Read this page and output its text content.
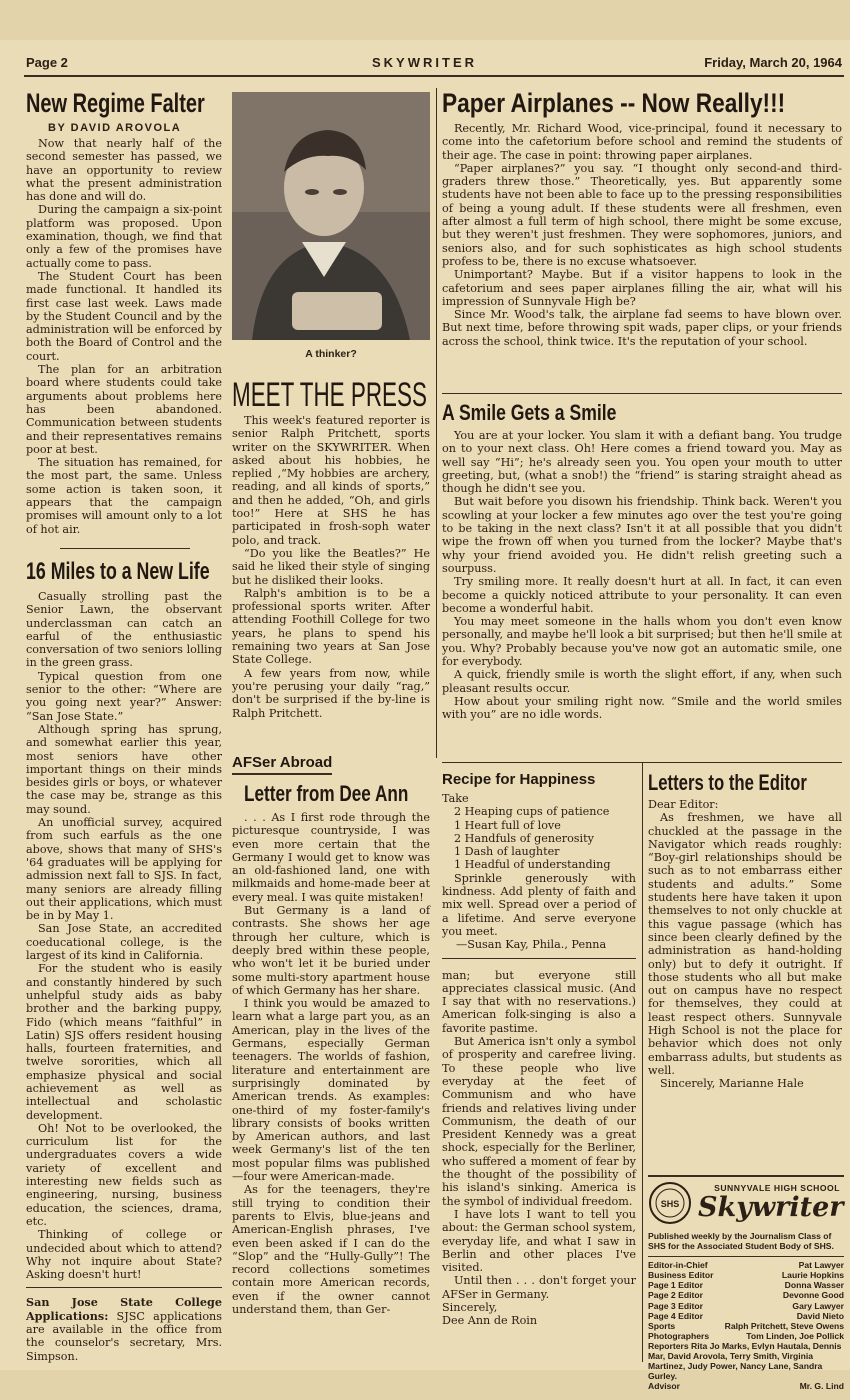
Page 2	SKYWRITER	Friday, March 20, 1964
New Regime Falter
BY DAVID AROVOLA

Now that nearly half of the second semester has passed, we have an opportunity to review what the present administration has done and will do.

During the campaign a six-point platform was proposed. Upon examination, though, we find that only a few of the promises have actually come to pass.

The Student Court has been made functional. It handled its first case last week. Laws made by the Student Council and by the administration will be enforced by both the Board of Control and the court.

The plan for an arbitration board where students could take arguments about problems here has been abandoned. Communication between students and their representatives remains poor at best.

The situation has remained, for the most part, the same. Unless some action is taken soon, it appears that the campaign promises will amount only to a lot of hot air.

16 Miles to a New Life

Casually strolling past the Senior Lawn, the observant underclassman can catch an earful of the enthusiastic conversation of two seniors lolling in the green grass.

Typical question from one senior to the other: “Where are you going next year?” Answer: “San Jose State.”

Although spring has sprung, and somewhat earlier this year, most seniors have other important things on their minds besides girls or boys, or whatever the case may be, strange as this may sound.

An unofficial survey, acquired from such earfuls as the one above, shows that many of SHS's '64 graduates will be applying for admission next fall to SJS. In fact, many seniors are already filling out their applications, which must be in by May 1.

San Jose State, an accredited coeducational college, is the largest of its kind in California.

For the student who is easily and constantly hindered by such unhelpful study aids as baby brother and the barking puppy, Fido (which means “faithful” in Latin) SJS offers resident housing halls, fourteen fraternities, and twelve sororities, which all emphasize physical and social achievement as well as intellectual and scholastic development.

Oh! Not to be overlooked, the curriculum list for the undergraduates covers a wide variety of excellent and interesting new fields such as engineering, nursing, business education, the sciences, drama, etc.

Thinking of college or undecided about which to attend? Why not inquire about State? Asking doesn't hurt!

San Jose State College Applications: SJSC applications are available in the office from the counselor's secretary, Mrs. Simpson.

A thinker?
MEET THE PRESS

This week's featured reporter is senior Ralph Pritchett, sports writer on the SKYWRITER. When asked about his hobbies, he replied ,“My hobbies are archery, reading, and all kinds of sports,” and then he added, “Oh, and girls too!” Here at SHS he has participated in frosh-soph water polo, and track.

“Do you like the Beatles?” He said he liked their style of singing but he disliked their looks.

Ralph's ambition is to be a professional sports writer. After attending Foothill College for two years, he plans to spend his remaining two years at San Jose State College.

A few years from now, while you're perusing your daily “rag,” don't be surprised if the by-line is Ralph Pritchett.

AFSer Abroad
Letter from Dee Ann

. . . As I first rode through the picturesque countryside, I was even more certain that the Germany I would get to know was an old-fashioned land, one with milkmaids and home-made beer at every meal. I was quite mistaken!

But Germany is a land of contrasts. She shows her age through her culture, which is deeply bred within these people, who won't let it be buried under some multi-story apartment house of which Germany has her share.

I think you would be amazed to learn what a large part you, as an American, play in the lives of the Germans, especially German teenagers. The worlds of fashion, literature and entertainment are surprisingly dominated by American trends. As examples: one-third of my foster-family's library consists of books written by American authors, and last week Germany's list of the ten most popular films was published—four were American-made.

As for the teenagers, they're still trying to condition their parents to Elvis, blue-jeans and American-English phrases, I've even been asked if I can do the “Slop” and the “Hully-Gully”! The record collections sometimes contain more American records, even if the owner cannot understand them, than Ger-

Paper Airplanes -- Now Really!!!

Recently, Mr. Richard Wood, vice-principal, found it necessary to come into the cafetorium before school and remind the students of their age. The case in point: throwing paper airplanes.

“Paper airplanes?” you say. “I thought only second-and third-graders threw those.” Theoretically, yes. But apparently some students have not been able to face up to the pressing responsibilities of being a young adult. If these students were all freshmen, even after almost a full term of high school, there might be some excuse, but they weren't just freshmen. They were sophomores, juniors, and seniors also, and for such sophisticates as high school students profess to be, there is no excuse whatsoever.

Unimportant? Maybe. But if a visitor happens to look in the cafetorium and sees paper airplanes filling the air, what will his impression of Sunnyvale High be?

Since Mr. Wood's talk, the airplane fad seems to have blown over. But next time, before throwing spit wads, paper clips, or your friends across the school, think twice. It's the reputation of your school.

A Smile Gets a Smile

You are at your locker. You slam it with a defiant bang. You trudge on to your next class. Oh! Here comes a friend toward you. May as well say “Hi”; he's already seen you. You open your mouth to utter greeting, but, (what a snob!) the “friend” is staring straight ahead as though he didn't see you.

But wait before you disown his friendship. Think back. Weren't you scowling at your locker a few minutes ago over the test you're going to be taking in the next class? Isn't it at all possible that you didn't wipe the frown off when you turned from the locker? Maybe that's why your friend avoided you. He didn't relish greeting such a sourpuss.

Try smiling more. It really doesn't hurt at all. In fact, it can even become a quickly noticed attribute to your personality. It can even become a wonderful habit.

You may meet someone in the halls whom you don't even know personally, and maybe he'll look a bit surprised; but then he'll smile at you. Why? Probably because you've now got an automatic smile, one for everybody.

A quick, friendly smile is worth the slight effort, if any, when such pleasant results occur.

How about your smiling right now. “Smile and the world smiles with you” are no idle words.

Recipe for Happiness

Take

2 Heaping cups of patience

1 Heart full of love

2 Handfuls of generosity

1 Dash of laughter

1 Headful of understanding

Sprinkle generously with kindness. Add plenty of faith and mix well. Spread over a period of a lifetime. And serve everyone you meet.

—Susan Kay, Phila., Penna

man; but everyone still appreciates classical music. (And I say that with no reservations.) American folk-singing is also a favorite pastime.

But America isn't only a symbol of prosperity and carefree living. To these people who live everyday at the feet of Communism and who have friends and relatives living under Communism, the death of our President Kennedy was a great shock, especially for the Berliner, who suffered a moment of fear by the thought of the possibility of his island's sinking. America is the symbol of individual freedom.

I have lots I want to tell you about: the German school system, everyday life, and what I saw in Berlin and other places I've visited.

Until then . . . don't forget your AFSer in Germany.

Sincerely,

Dee Ann de Roin

Letters to the Editor

Dear Editor:

As freshmen, we have all chuckled at the passage in the Navigator which reads roughly: “Boy-girl relationships should be such as to not embarrass either students and adults.” Some students here have taken it upon themselves to not only chuckle at this vague passage (which has since been clearly defined by the administration as hand-holding only) but to defy it outright. If those students who all but make out on campus have no respect for themselves, they could at least respect others. Sunnyvale High School is not the place for behavior which does not only embarrass adults, but students as well.

Sincerely, Marianne Hale

SHS
SUNNYVALE HIGH SCHOOL
Skywriter
Published weekly by the Journalism Class of SHS for the Associated Student Body of SHS.
Editor-in-Chief	Pat Lawyer
Business Editor	Laurie Hopkins
Page 1 Editor	Donna Wasser
Page 2 Editor	Devonne Good
Page 3 Editor	Gary Lawyer
Page 4 Editor	David Nieto
Sports	Ralph Pritchett, Steve Owens
Photographers	Tom Linden, Joe Pollick
Reporters Rita Jo Marks, Evlyn Hautala, Dennis Mar, David Arovola, Terry Smith, Virginia Martinez, Judy Power, Nancy Lane, Sandra Gurley.
Advisor	Mr. G. Lind
